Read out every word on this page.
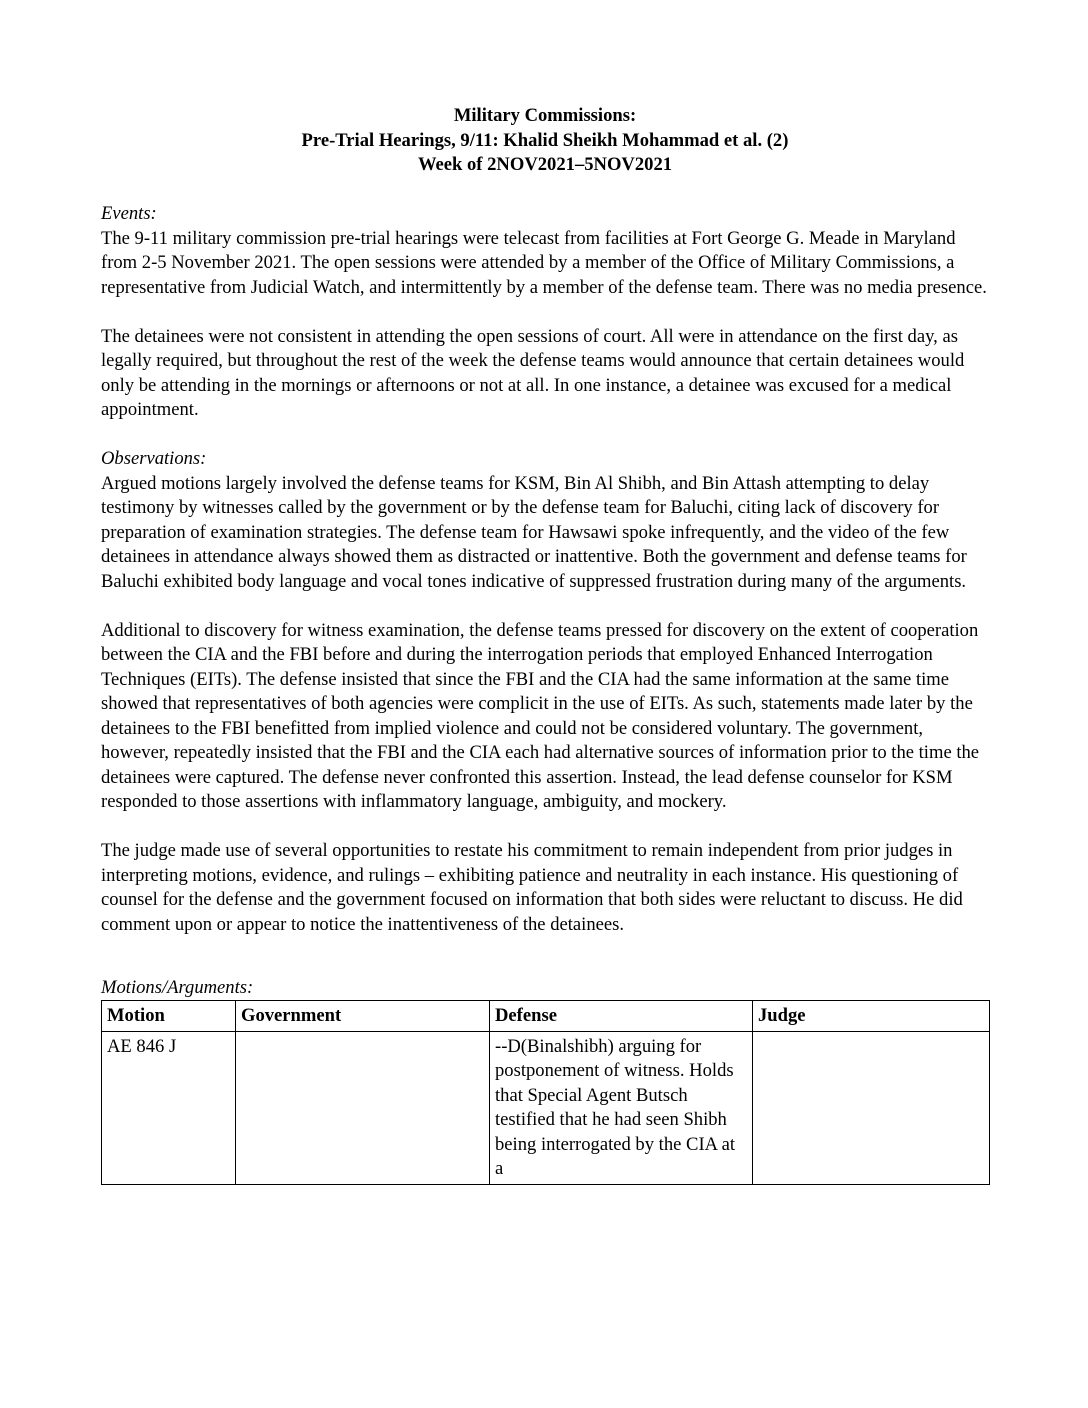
Military Commissions:
Pre-Trial Hearings, 9/11: Khalid Sheikh Mohammad et al. (2)
Week of 2NOV2021–5NOV2021
Events:

The 9-11 military commission pre-trial hearings were telecast from facilities at Fort George G. Meade in Maryland from 2-5 November 2021. The open sessions were attended by a member of the Office of Military Commissions, a representative from Judicial Watch, and intermittently by a member of the defense team. There was no media presence.

The detainees were not consistent in attending the open sessions of court. All were in attendance on the first day, as legally required, but throughout the rest of the week the defense teams would announce that certain detainees would only be attending in the mornings or afternoons or not at all. In one instance, a detainee was excused for a medical appointment.

Observations:

Argued motions largely involved the defense teams for KSM, Bin Al Shibh, and Bin Attash attempting to delay testimony by witnesses called by the government or by the defense team for Baluchi, citing lack of discovery for preparation of examination strategies. The defense team for Hawsawi spoke infrequently, and the video of the few detainees in attendance always showed them as distracted or inattentive. Both the government and defense teams for Baluchi exhibited body language and vocal tones indicative of suppressed frustration during many of the arguments.

Additional to discovery for witness examination, the defense teams pressed for discovery on the extent of cooperation between the CIA and the FBI before and during the interrogation periods that employed Enhanced Interrogation Techniques (EITs). The defense insisted that since the FBI and the CIA had the same information at the same time showed that representatives of both agencies were complicit in the use of EITs. As such, statements made later by the detainees to the FBI benefitted from implied violence and could not be considered voluntary. The government, however, repeatedly insisted that the FBI and the CIA each had alternative sources of information prior to the time the detainees were captured. The defense never confronted this assertion. Instead, the lead defense counselor for KSM responded to those assertions with inflammatory language, ambiguity, and mockery.

The judge made use of several opportunities to restate his commitment to remain independent from prior judges in interpreting motions, evidence, and rulings – exhibiting patience and neutrality in each instance. His questioning of counsel for the defense and the government focused on information that both sides were reluctant to discuss. He did comment upon or appear to notice the inattentiveness of the detainees.

Motions/Arguments:
Motion	Government	Defense	Judge
AE 846 J		--D(Binalshibh) arguing for postponement of witness. Holds that Special Agent Butsch testified that he had seen Shibh being interrogated by the CIA at a	
